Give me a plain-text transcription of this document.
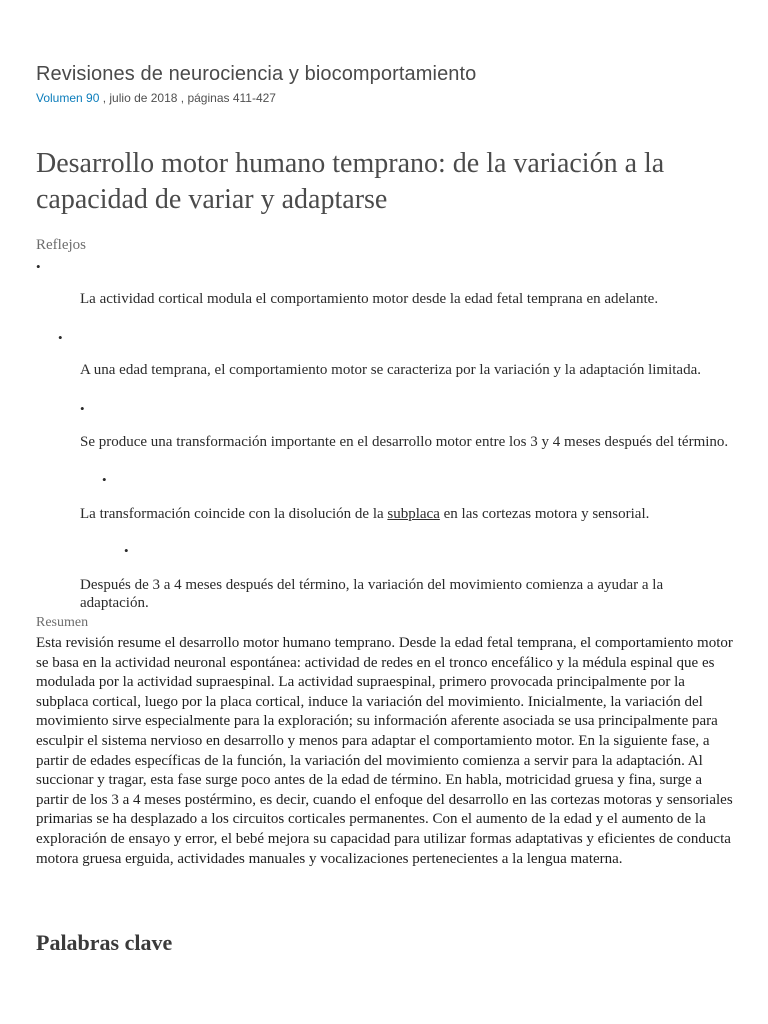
Revisiones de neurociencia y biocomportamiento
Volumen 90 , julio de 2018 , páginas 411-427
Desarrollo motor humano temprano: de la variación a la capacidad de variar y adaptarse
Reflejos
•
La actividad cortical modula el comportamiento motor desde la edad fetal temprana en adelante.
•
A una edad temprana, el comportamiento motor se caracteriza por la variación y la adaptación limitada.
•
Se produce una transformación importante en el desarrollo motor entre los 3 y 4 meses después del término.
•
La transformación coincide con la disolución de la subplaca en las cortezas motora y sensorial.
•
Después de 3 a 4 meses después del término, la variación del movimiento comienza a ayudar a la adaptación.
Resumen

Esta revisión resume el desarrollo motor humano temprano. Desde la edad fetal temprana, el comportamiento motor se basa en la actividad neuronal espontánea: actividad de redes en el tronco encefálico y la médula espinal que es modulada por la actividad supraespinal. La actividad supraespinal, primero provocada principalmente por la subplaca cortical, luego por la placa cortical, induce la variación del movimiento. Inicialmente, la variación del movimiento sirve especialmente para la exploración; su información aferente asociada se usa principalmente para esculpir el sistema nervioso en desarrollo y menos para adaptar el comportamiento motor. En la siguiente fase, a partir de edades específicas de la función, la variación del movimiento comienza a servir para la adaptación. Al succionar y tragar, esta fase surge poco antes de la edad de término. En habla, motricidad gruesa y fina, surge a partir de los 3 a 4 meses postérmino, es decir, cuando el enfoque del desarrollo en las cortezas motoras y sensoriales primarias se ha desplazado a los circuitos corticales permanentes. Con el aumento de la edad y el aumento de la exploración de ensayo y error, el bebé mejora su capacidad para utilizar formas adaptativas y eficientes de conducta motora gruesa erguida, actividades manuales y vocalizaciones pertenecientes a la lengua materna.

Palabras clave
